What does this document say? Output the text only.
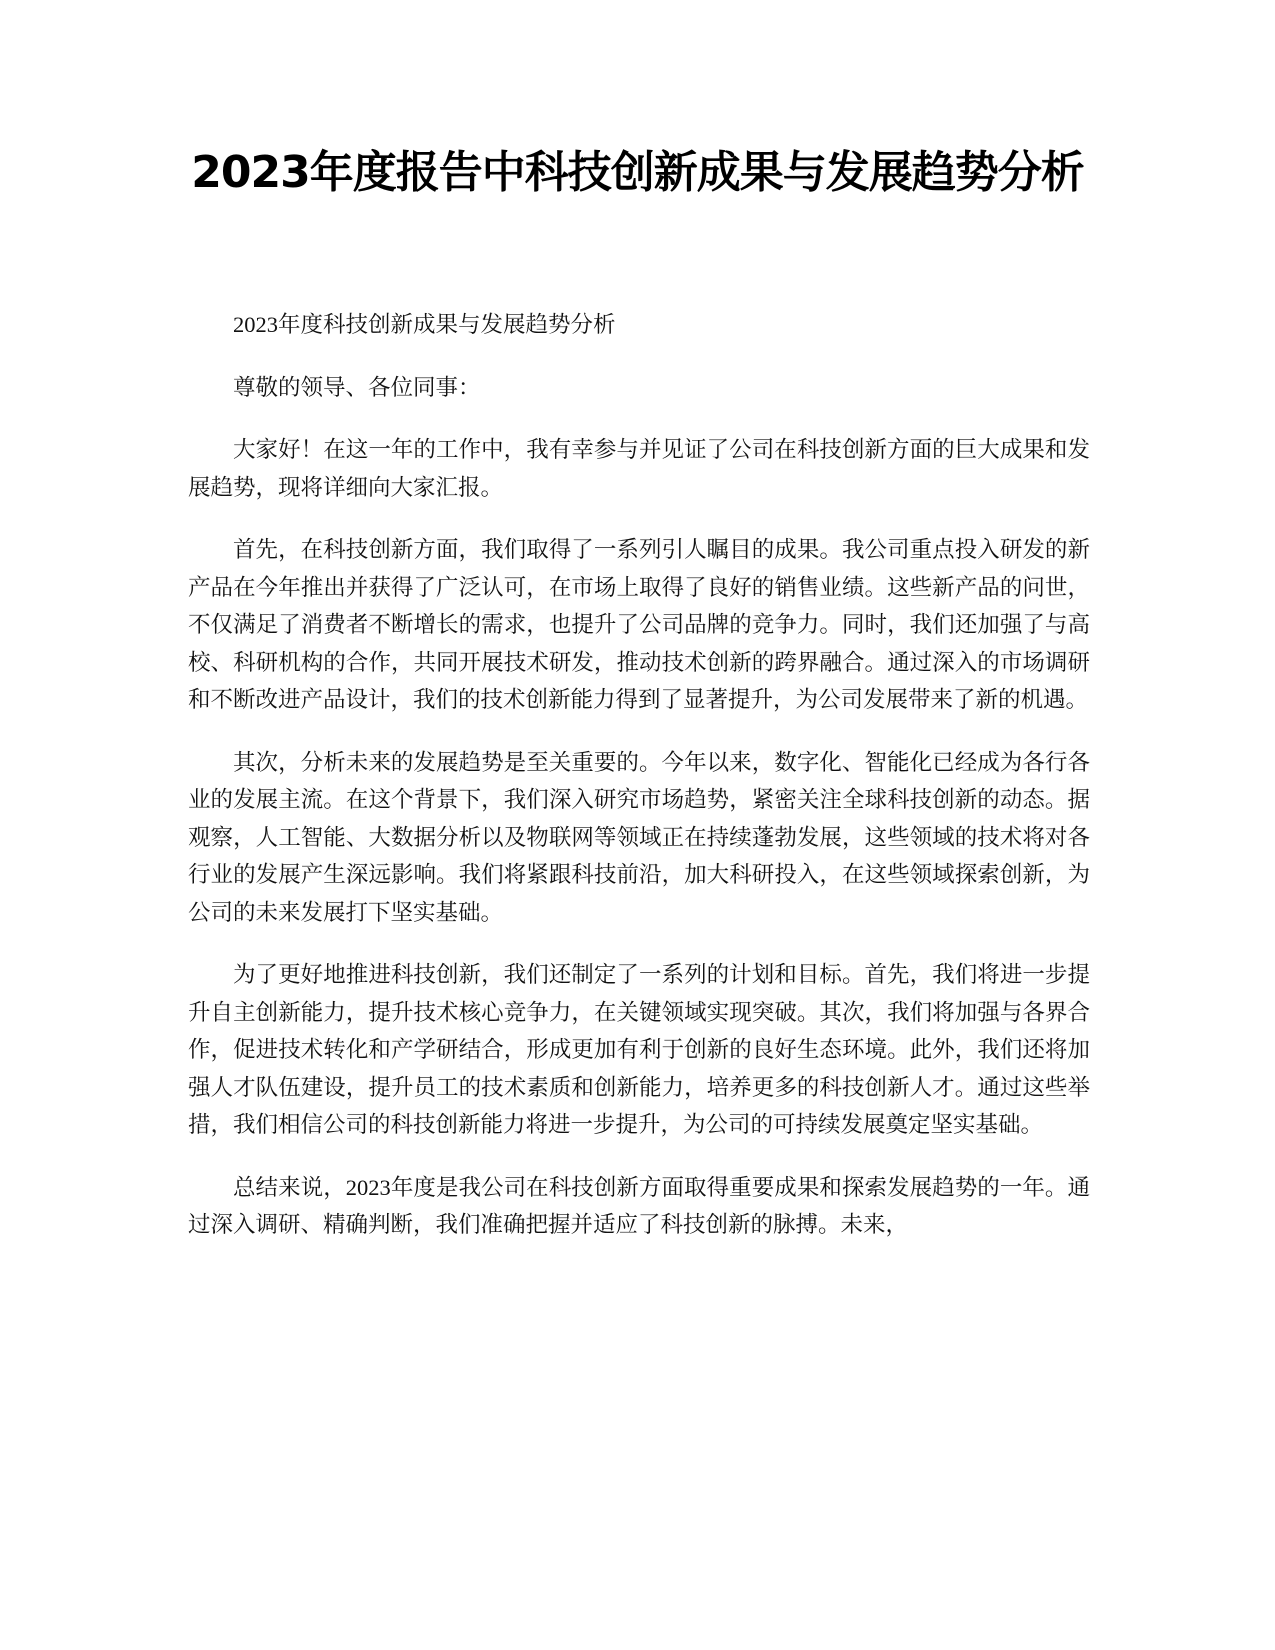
2023年度报告中科技创新成果与发展趋势分析

2023年度科技创新成果与发展趋势分析

尊敬的领导、各位同事：

大家好！在这一年的工作中，我有幸参与并见证了公司在科技创新方面的巨大成果和发展趋势，现将详细向大家汇报。

首先，在科技创新方面，我们取得了一系列引人瞩目的成果。我公司重点投入研发的新产品在今年推出并获得了广泛认可，在市场上取得了良好的销售业绩。这些新产品的问世，不仅满足了消费者不断增长的需求，也提升了公司品牌的竞争力。同时，我们还加强了与高校、科研机构的合作，共同开展技术研发，推动技术创新的跨界融合。通过深入的市场调研和不断改进产品设计，我们的技术创新能力得到了显著提升，为公司发展带来了新的机遇。

其次，分析未来的发展趋势是至关重要的。今年以来，数字化、智能化已经成为各行各业的发展主流。在这个背景下，我们深入研究市场趋势，紧密关注全球科技创新的动态。据观察，人工智能、大数据分析以及物联网等领域正在持续蓬勃发展，这些领域的技术将对各行业的发展产生深远影响。我们将紧跟科技前沿，加大科研投入，在这些领域探索创新，为公司的未来发展打下坚实基础。

为了更好地推进科技创新，我们还制定了一系列的计划和目标。首先，我们将进一步提升自主创新能力，提升技术核心竞争力，在关键领域实现突破。其次，我们将加强与各界合作，促进技术转化和产学研结合，形成更加有利于创新的良好生态环境。此外，我们还将加强人才队伍建设，提升员工的技术素质和创新能力，培养更多的科技创新人才。通过这些举措，我们相信公司的科技创新能力将进一步提升，为公司的可持续发展奠定坚实基础。

总结来说，2023年度是我公司在科技创新方面取得重要成果和探索发展趋势的一年。通过深入调研、精确判断，我们准确把握并适应了科技创新的脉搏。未来，
